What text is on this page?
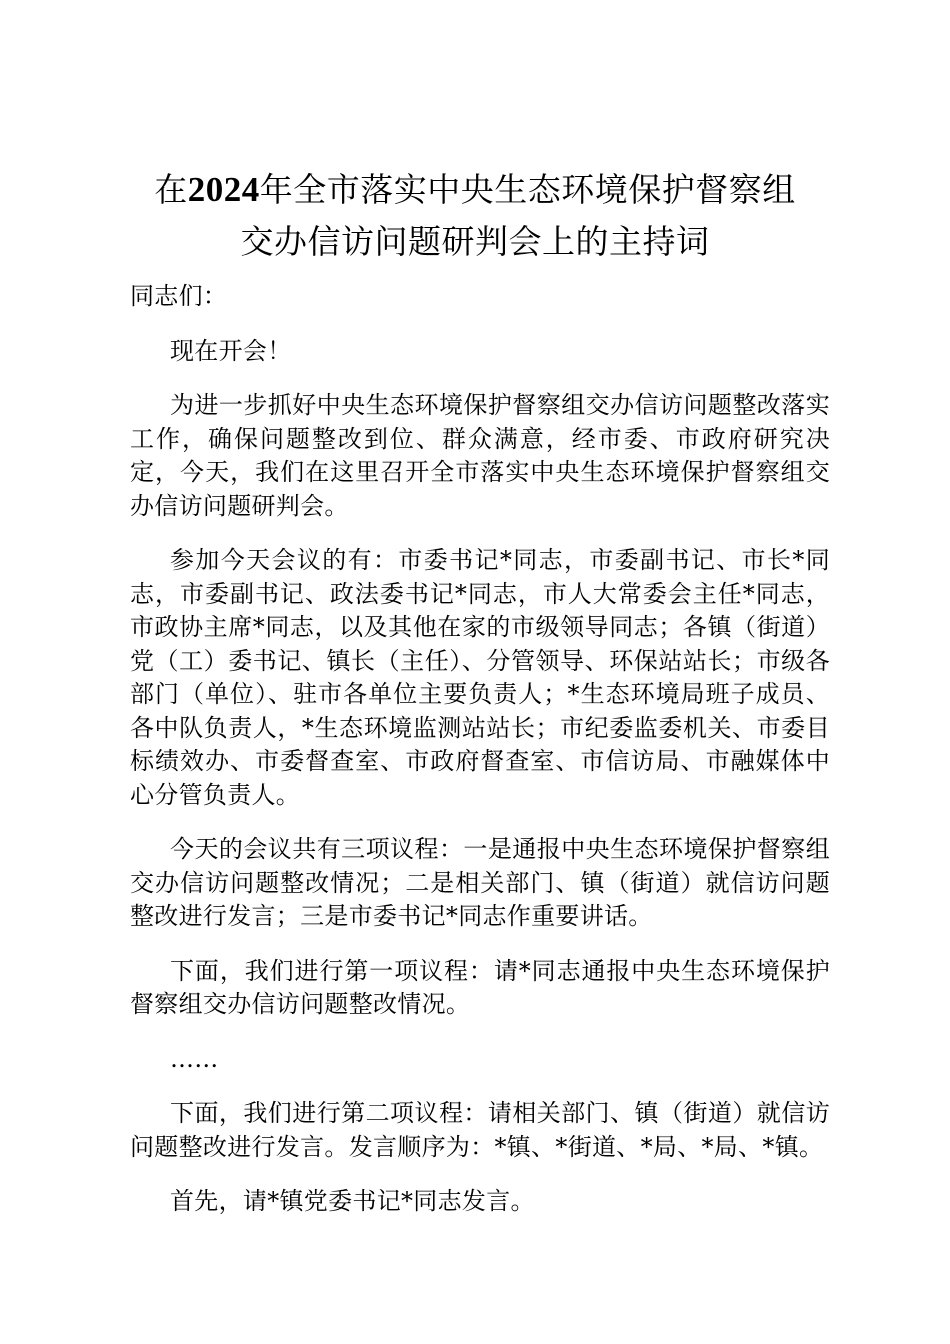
在2024年全市落实中央生态环境保护督察组
交办信访问题研判会上的主持词

同志们：

现在开会！

为进一步抓好中央生态环境保护督察组交办信访问题整改落实工作，确保问题整改到位、群众满意，经市委、市政府研究决定，今天，我们在这里召开全市落实中央生态环境保护督察组交办信访问题研判会。

参加今天会议的有：市委书记*同志，市委副书记、市长*同志，市委副书记、政法委书记*同志，市人大常委会主任*同志，市政协主席*同志，以及其他在家的市级领导同志；各镇（街道）党（工）委书记、镇长（主任）、分管领导、环保站站长；市级各部门（单位）、驻市各单位主要负责人；*生态环境局班子成员、各中队负责人，*生态环境监测站站长；市纪委监委机关、市委目标绩效办、市委督查室、市政府督查室、市信访局、市融媒体中心分管负责人。

今天的会议共有三项议程：一是通报中央生态环境保护督察组交办信访问题整改情况；二是相关部门、镇（街道）就信访问题整改进行发言；三是市委书记*同志作重要讲话。

下面，我们进行第一项议程：请*同志通报中央生态环境保护督察组交办信访问题整改情况。

……

下面，我们进行第二项议程：请相关部门、镇（街道）就信访问题整改进行发言。发言顺序为：*镇、*街道、*局、*局、*镇。

首先，请*镇党委书记*同志发言。
